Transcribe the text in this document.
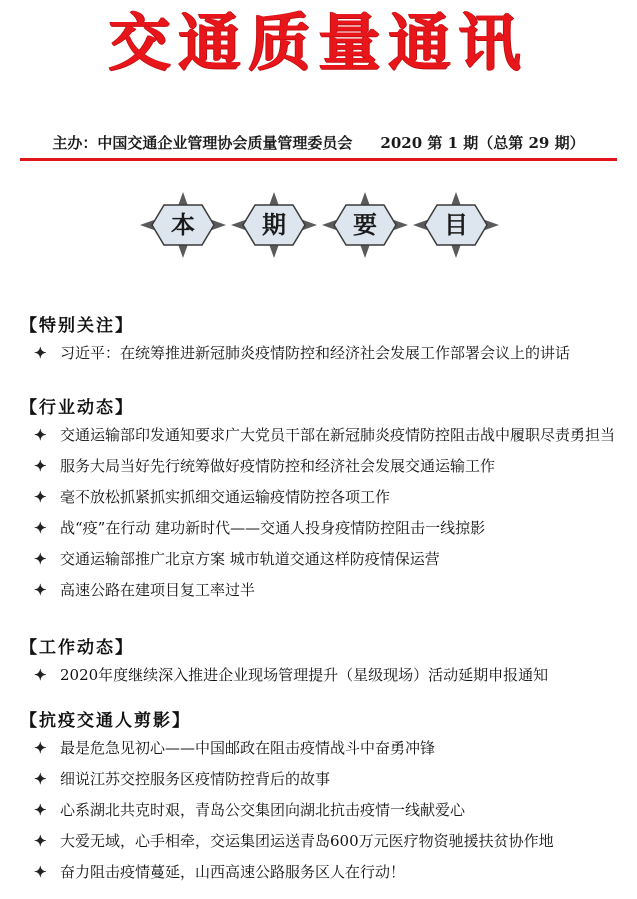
交通质量通讯
主办：中国交通企业管理协会质量管理委员会 2020 第 1 期（总第 29 期）
本	期	要	目
【特别关注】
✦ 习近平：在统筹推进新冠肺炎疫情防控和经济社会发展工作部署会议上的讲话
【行业动态】
✦ 交通运输部印发通知要求广大党员干部在新冠肺炎疫情防控阻击战中履职尽责勇担当
✦ 服务大局当好先行统筹做好疫情防控和经济社会发展交通运输工作
✦ 毫不放松抓紧抓实抓细交通运输疫情防控各项工作
✦ 战“疫”在行动 建功新时代——交通人投身疫情防控阻击一线掠影
✦ 交通运输部推广北京方案 城市轨道交通这样防疫情保运营
✦ 高速公路在建项目复工率过半
【工作动态】
✦ 2020年度继续深入推进企业现场管理提升（星级现场）活动延期申报通知
【抗疫交通人剪影】
✦ 最是危急见初心——中国邮政在阻击疫情战斗中奋勇冲锋
✦ 细说江苏交控服务区疫情防控背后的故事
✦ 心系湖北共克时艰，青岛公交集团向湖北抗击疫情一线献爱心
✦ 大爱无域，心手相牵，交运集团运送青岛600万元医疗物资驰援扶贫协作地
✦ 奋力阻击疫情蔓延，山西高速公路服务区人在行动！
